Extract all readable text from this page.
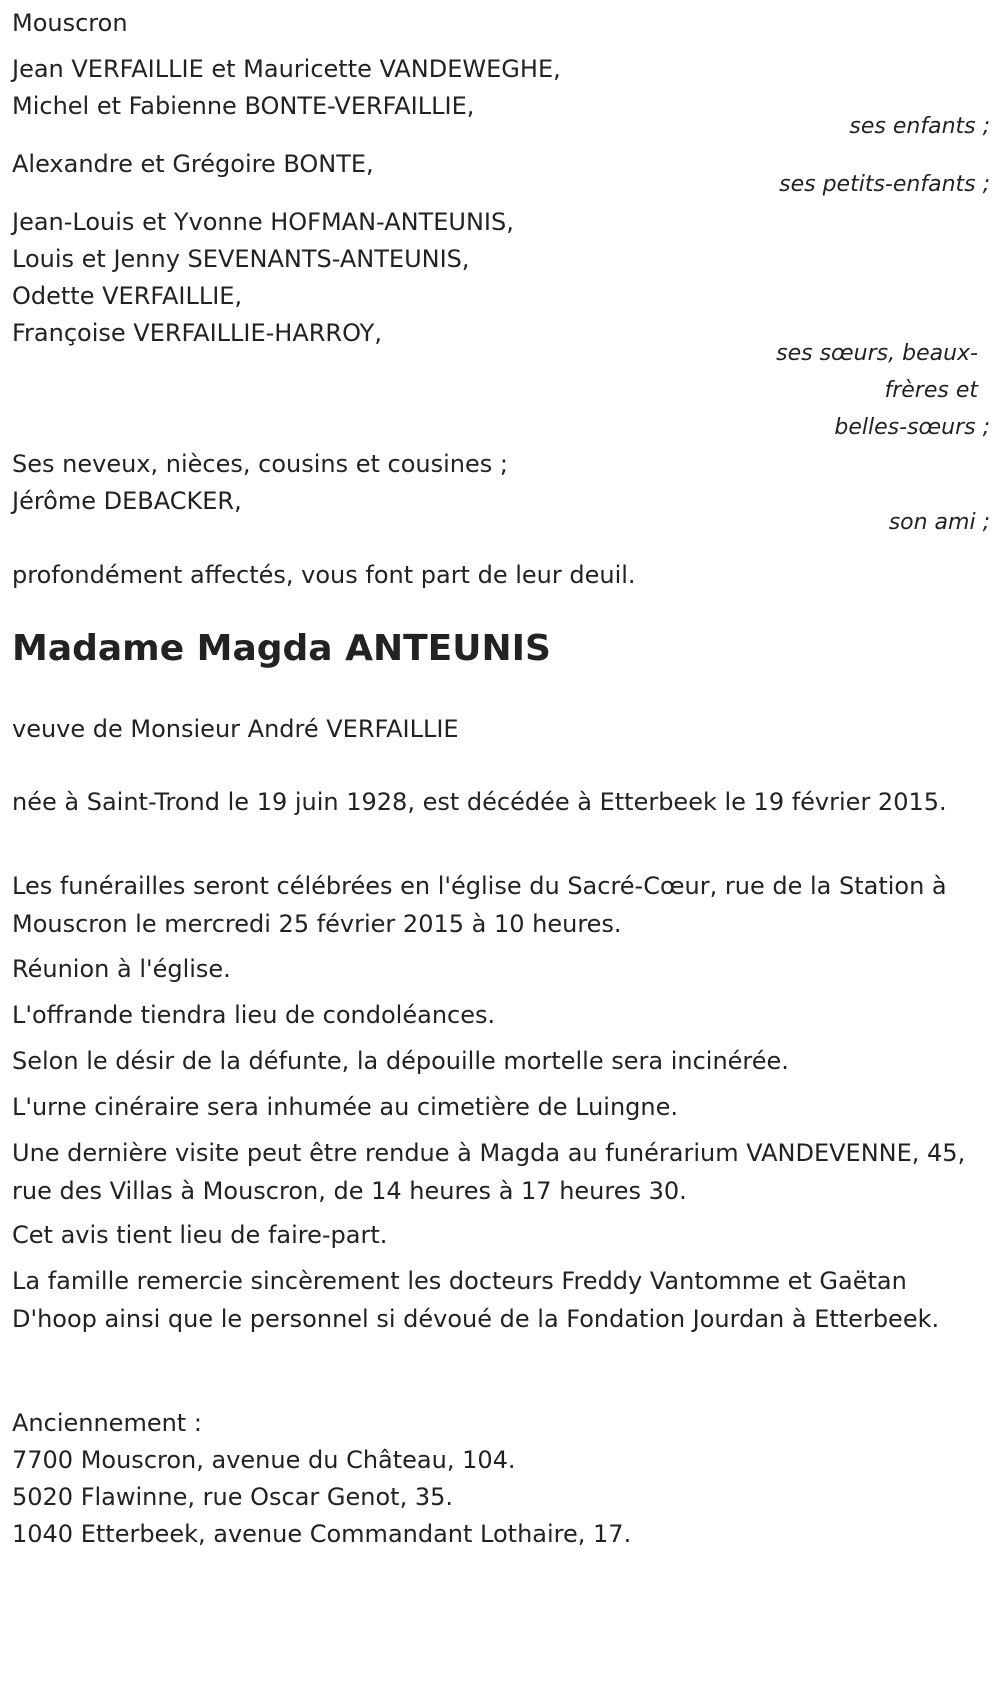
Mouscron
Jean VERFAILLIE et Mauricette VANDEWEGHE,
Michel et Fabienne BONTE-VERFAILLIE,
ses enfants ;
Alexandre et Grégoire BONTE,
ses petits-enfants ;
Jean-Louis et Yvonne HOFMAN-ANTEUNIS,
Louis et Jenny SEVENANTS-ANTEUNIS,
Odette VERFAILLIE,
Françoise VERFAILLIE-HARROY,
ses sœurs, beaux-
frères et
belles-sœurs ;
Ses neveux, nièces, cousins et cousines ;
Jérôme DEBACKER,
son ami ;
profondément affectés, vous font part de leur deuil.
Madame Magda ANTEUNIS
veuve de Monsieur André VERFAILLIE
née à Saint-Trond le 19 juin 1928, est décédée à Etterbeek le 19 février 2015.
Les funérailles seront célébrées en l'église du Sacré-Cœur, rue de la Station à Mouscron le mercredi 25 février 2015 à 10 heures.
Réunion à l'église.
L'offrande tiendra lieu de condoléances.
Selon le désir de la défunte, la dépouille mortelle sera incinérée.
L'urne cinéraire sera inhumée au cimetière de Luingne.
Une dernière visite peut être rendue à Magda au funérarium VANDEVENNE, 45, rue des Villas à Mouscron, de 14 heures à 17 heures 30.
Cet avis tient lieu de faire-part.
La famille remercie sincèrement les docteurs Freddy Vantomme et Gaëtan D'hoop ainsi que le personnel si dévoué de la Fondation Jourdan à Etterbeek.
Anciennement :
7700 Mouscron, avenue du Château, 104.
5020 Flawinne, rue Oscar Genot, 35.
1040 Etterbeek, avenue Commandant Lothaire, 17.
